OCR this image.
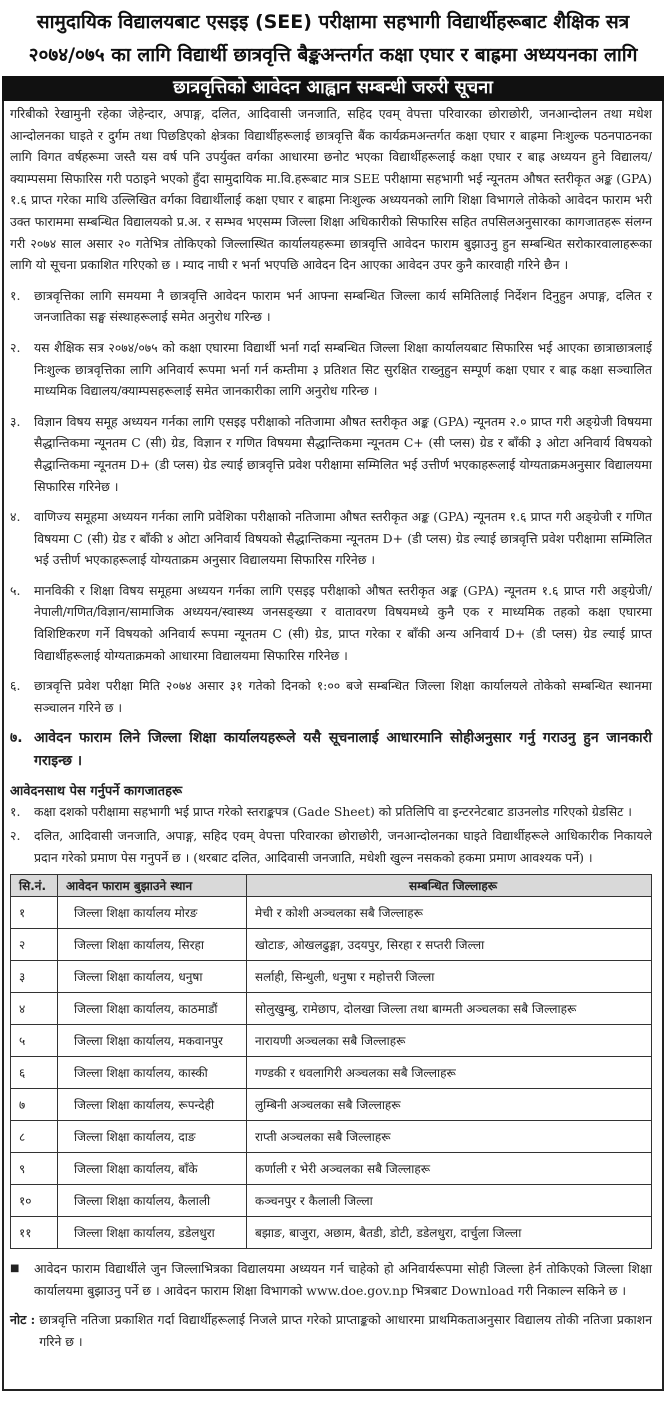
सामुदायिक विद्यालयबाट एसइइ (SEE) परीक्षामा सहभागी विद्यार्थीहरूबाट शैक्षिक सत्र
२०७४/०७५ का लागि विद्यार्थी छात्रवृत्ति बैङ्कअन्तर्गत कक्षा एघार र बाह्रमा अध्ययनका लागि
छात्रवृत्तिको आवेदन आह्वान सम्बन्धी जरुरी सूचना

गरिबीको रेखामुनी रहेका जेहेन्दार, अपाङ्ग, दलित, आदिवासी जनजाति, सहिद एवम् वेपत्ता परिवारका छोराछोरी, जनआन्दोलन तथा मधेश आन्दोलनका घाइते र दुर्गम तथा पिछडिएको क्षेत्रका विद्यार्थीहरूलाई छात्रवृत्ति बैंक कार्यक्रमअन्तर्गत कक्षा एघार र बाह्रमा निःशुल्क पठनपाठनका लागि विगत वर्षहरूमा जस्तै यस वर्ष पनि उपर्युक्त वर्गका आधारमा छनोट भएका विद्यार्थीहरूलाई कक्षा एघार र बाह्र अध्ययन हुने विद्यालय/क्याम्पसमा सिफारिस गरी पठाइने भएको हुँदा सामुदायिक मा.वि.हरूबाट मात्र SEE परीक्षामा सहभागी भई न्यूनतम औषत स्तरीकृत अङ्क (GPA) १.६ प्राप्त गरेका माथि उल्लिखित वर्गका विद्यार्थीलाई कक्षा एघार र बाह्रमा निःशुल्क अध्ययनको लागि शिक्षा विभागले तोकेको आवेदन फाराम भरी उक्त फाराममा सम्बन्धित विद्यालयको प्र.अ. र सम्भव भएसम्म जिल्ला शिक्षा अधिकारीको सिफारिस सहित तपसिलअनुसारका कागजातहरू संलग्न गरी २०७४ साल असार २० गतेभित्र तोकिएको जिल्लास्थित कार्यालयहरूमा छात्रवृत्ति आवेदन फाराम बुझाउनु हुन सम्बन्धित सरोकारवालाहरूका लागि यो सूचना प्रकाशित गरिएको छ । म्याद नाघी र भर्ना भएपछि आवेदन दिन आएका आवेदन उपर कुनै कारवाही गरिने छैन ।

१.	छात्रवृत्तिका लागि समयमा नै छात्रवृत्ति आवेदन फाराम भर्न आफ्ना सम्बन्धित जिल्ला कार्य समितिलाई निर्देशन दिनुहुन अपाङ्ग, दलित र जनजातिका सङ्घ संस्थाहरूलाई समेत अनुरोध गरिन्छ ।

२.	यस शैक्षिक सत्र २०७४/०७५ को कक्षा एघारमा विद्यार्थी भर्ना गर्दा सम्बन्धित जिल्ला शिक्षा कार्यालयबाट सिफारिस भई आएका छात्राछात्रलाई निःशुल्क छात्रवृत्तिका लागि अनिवार्य रूपमा भर्ना गर्न कम्तीमा ३ प्रतिशत सिट सुरक्षित राख्नुहुन सम्पूर्ण कक्षा एघार र बाह्र कक्षा सञ्चालित माध्यमिक विद्यालय/क्याम्पसहरूलाई समेत जानकारीका लागि अनुरोध गरिन्छ ।

३.	विज्ञान विषय समूह अध्ययन गर्नका लागि एसइइ परीक्षाको नतिजामा औषत स्तरीकृत अङ्क (GPA) न्यूनतम २.० प्राप्त गरी अङ्ग्रेजी विषयमा सैद्धान्तिकमा न्यूनतम C (सी) ग्रेड, विज्ञान र गणित विषयमा सैद्धान्तिकमा न्यूनतम C+ (सी प्लस) ग्रेड र बाँकी ३ ओटा अनिवार्य विषयको सैद्धान्तिकमा न्यूनतम D+ (डी प्लस) ग्रेड ल्याई छात्रवृत्ति प्रवेश परीक्षामा सम्मिलित भई उत्तीर्ण भएकाहरूलाई योग्यताक्रमअनुसार विद्यालयमा सिफारिस गरिनेछ ।

४.	वाणिज्य समूहमा अध्ययन गर्नका लागि प्रवेशिका परीक्षाको नतिजामा औषत स्तरीकृत अङ्क (GPA) न्यूनतम १.६ प्राप्त गरी अङ्ग्रेजी र गणित विषयमा C (सी) ग्रेड र बाँकी ४ ओटा अनिवार्य विषयको सैद्धान्तिकमा न्यूनतम D+ (डी प्लस) ग्रेड ल्याई छात्रवृत्ति प्रवेश परीक्षामा सम्मिलित भई उत्तीर्ण भएकाहरूलाई योग्यताक्रम अनुसार विद्यालयमा सिफारिस गरिनेछ ।

५.	मानविकी र शिक्षा विषय समूहमा अध्ययन गर्नका लागि एसइइ परीक्षाको औषत स्तरीकृत अङ्क (GPA) न्यूनतम १.६ प्राप्त गरी अङ्ग्रेजी/नेपाली/गणित/विज्ञान/सामाजिक अध्ययन/स्वास्थ्य जनसङ्ख्या र वातावरण विषयमध्ये कुनै एक र माध्यमिक तहको कक्षा एघारमा विशिष्टिकरण गर्ने विषयको अनिवार्य रूपमा न्यूनतम C (सी) ग्रेड, प्राप्त गरेका र बाँकी अन्य अनिवार्य D+ (डी प्लस) ग्रेड ल्याई प्राप्त विद्यार्थीहरूलाई योग्यताक्रमको आधारमा विद्यालयमा सिफारिस गरिनेछ ।

६.	छात्रवृत्ति प्रवेश परीक्षा मिति २०७४ असार ३१ गतेको दिनको १:०० बजे सम्बन्धित जिल्ला शिक्षा कार्यालयले तोकेको सम्बन्धित स्थानमा सञ्चालन गरिने छ ।

७. आवेदन फाराम लिने जिल्ला शिक्षा कार्यालयहरूले यसै सूचनालाई आधारमानि सोहीअनुसार गर्नु गराउनु हुन जानकारी गराइन्छ ।

आवेदनसाथ पेस गर्नुपर्ने कागजातहरू
१.	कक्षा दशको परीक्षामा सहभागी भई प्राप्त गरेको स्तराङ्कपत्र (Gade Sheet) को प्रतिलिपि वा इन्टरनेटबाट डाउनलोड गरिएको ग्रेडसिट ।

२.	दलित, आदिवासी जनजाति, अपाङ्ग, सहिद एवम् वेपत्ता परिवारका छोराछोरी, जनआन्दोलनका घाइते विद्यार्थीहरूले आधिकारीक निकायले प्रदान गरेको प्रमाण पेस गनुपर्ने छ । (थरबाट दलित, आदिवासी जनजाति, मधेशी खुल्न नसकको हकमा प्रमाण आवश्यक पर्ने) ।

सि.नं.	आवेदन फाराम बुझाउने स्थान	सम्बन्धित जिल्लाहरू
१	जिल्ला शिक्षा कार्यालय मोरङ	मेची र कोशी अञ्चलका सबै जिल्लाहरू
२	जिल्ला शिक्षा कार्यालय, सिरहा	खोटाङ, ओखलढुङ्गा, उदयपुर, सिरहा र सप्तरी जिल्ला
३	जिल्ला शिक्षा कार्यालय, धनुषा	सर्लाही, सिन्धुली, धनुषा र महोत्तरी जिल्ला
४	जिल्ला शिक्षा कार्यालय, काठमाडौं	सोलुखुम्बु, रामेछाप, दोलखा जिल्ला तथा बाग्मती अञ्चलका सबै जिल्लाहरू
५	जिल्ला शिक्षा कार्यालय, मकवानपुर	नारायणी अञ्चलका सबै जिल्लाहरू
६	जिल्ला शिक्षा कार्यालय, कास्की	गण्डकी र धवलागिरी अञ्चलका सबै जिल्लाहरू
७	जिल्ला शिक्षा कार्यालय, रूपन्देही	लुम्बिनी अञ्चलका सबै जिल्लाहरू
८	जिल्ला शिक्षा कार्यालय, दाङ	राप्ती अञ्चलका सबै जिल्लाहरू
९	जिल्ला शिक्षा कार्यालय, बाँके	कर्णाली र भेरी अञ्चलका सबै जिल्लाहरू
१०	जिल्ला शिक्षा कार्यालय, कैलाली	कञ्चनपुर र कैलाली जिल्ला
११	जिल्ला शिक्षा कार्यालय, डडेलधुरा	बझाङ, बाजुरा, अछाम, बैतडी, डोटी, डडेलधुरा, दार्चुला जिल्ला
■	आवेदन फाराम विद्यार्थीले जुन जिल्लाभित्रका विद्यालयमा अध्ययन गर्न चाहेको हो अनिवार्यरूपमा सोही जिल्ला हेर्न तोकिएको जिल्ला शिक्षा कार्यालयमा बुझाउनु पर्ने छ । आवेदन फाराम शिक्षा विभागको www.doe.gov.np भित्रबाट Download गरी निकाल्न सकिने छ ।

नोट : छात्रवृत्ति नतिजा प्रकाशित गर्दा विद्यार्थीहरूलाई निजले प्राप्त गरेको प्राप्ताङ्कको आधारमा प्राथमिकताअनुसार विद्यालय तोकी नतिजा प्रकाशन गरिने छ ।
